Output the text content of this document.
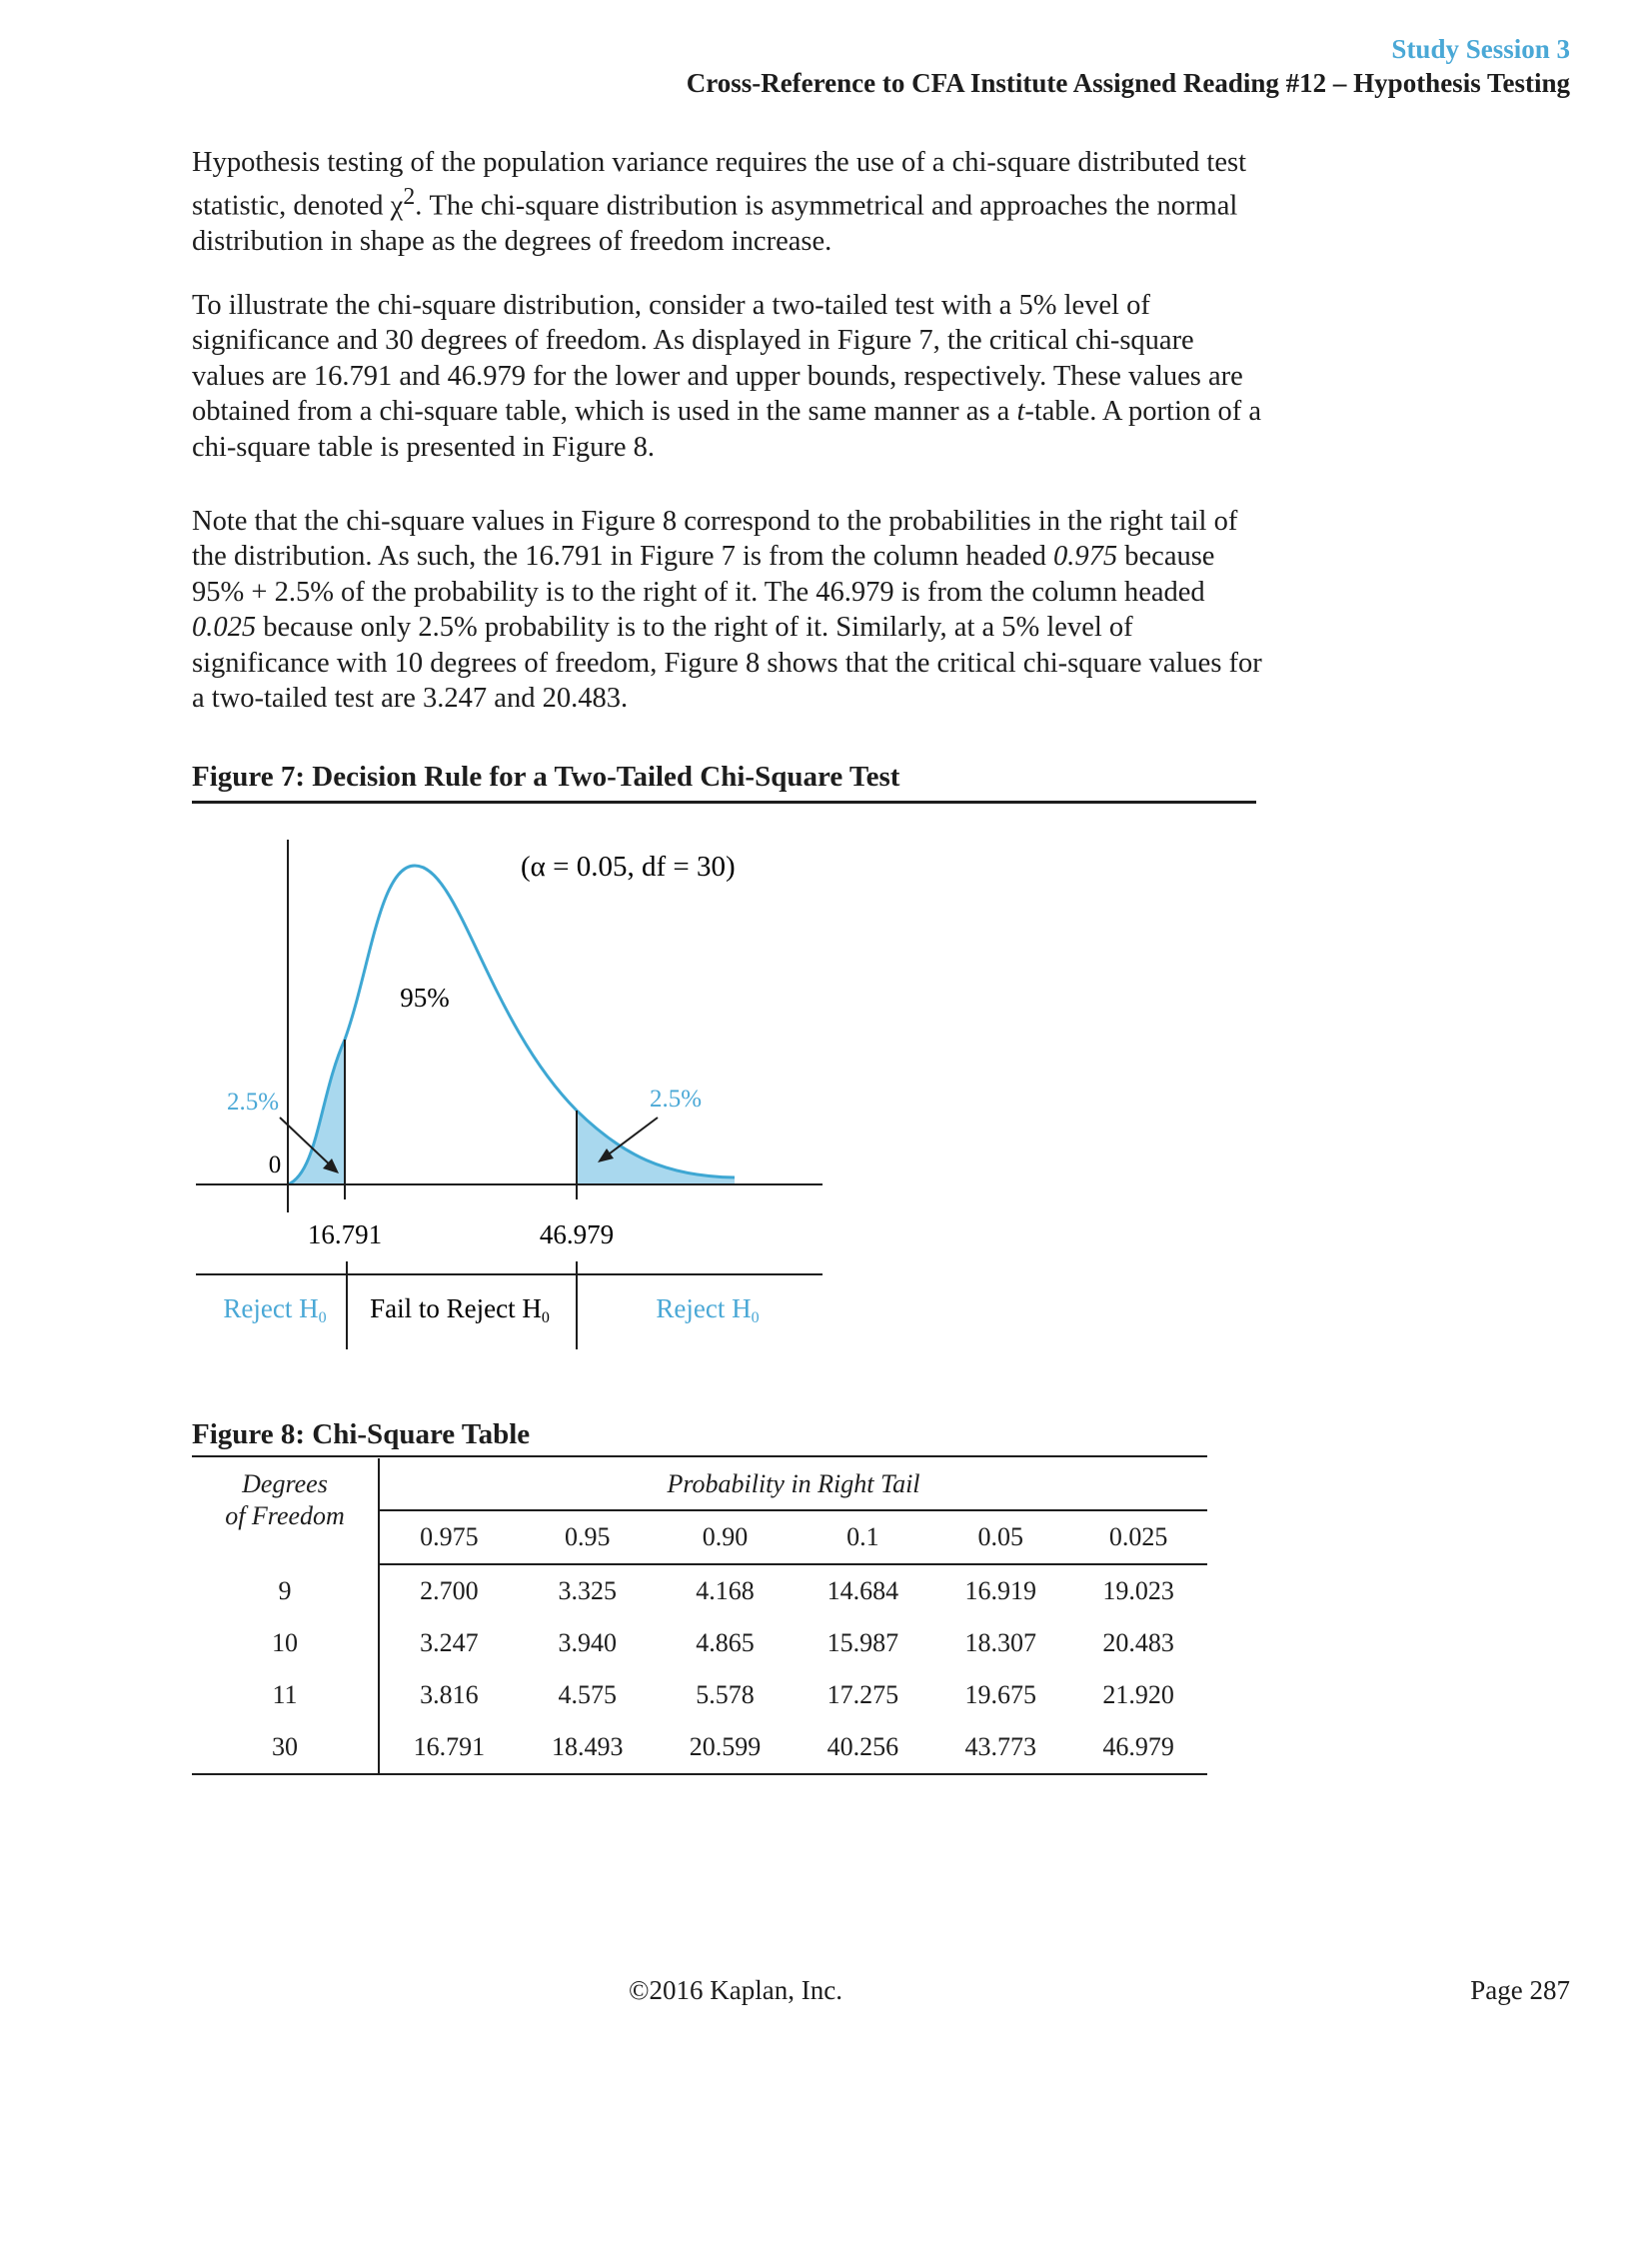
Study Session 3
Cross-Reference to CFA Institute Assigned Reading #12 – Hypothesis Testing

Hypothesis testing of the population variance requires the use of a chi-square distributed test statistic, denoted $\chi^2$. The chi-square distribution is asymmetrical and approaches the normal distribution in shape as the degrees of freedom increase.

To illustrate the chi-square distribution, consider a two-tailed test with a 5% level of significance and 30 degrees of freedom. As displayed in Figure 7, the critical chi-square values are 16.791 and 46.979 for the lower and upper bounds, respectively. These values are obtained from a chi-square table, which is used in the same manner as a t-table. A portion of a chi-square table is presented in Figure 8.

Note that the chi-square values in Figure 8 correspond to the probabilities in the right tail of the distribution. As such, the 16.791 in Figure 7 is from the column headed 0.975 because 95% + 2.5% of the probability is to the right of it. The 46.979 is from the column headed 0.025 because only 2.5% probability is to the right of it. Similarly, at a 5% level of significance with 10 degrees of freedom, Figure 8 shows that the critical chi-square values for a two-tailed test are 3.247 and 20.483.

Figure 7: Decision Rule for a Two-Tailed Chi-Square Test
(α = 0.05, df = 30)
95%
2.5%	2.5%
0
16.791	46.979
Reject H0 Fail to Reject H0	Reject H0
Figure 8: Chi-Square Table
Degrees
of Freedom	Probability in Right Tail					
	0.975	0.95	0.90	0.1	0.05	0.025
9	2.700	3.325	4.168	14.684	16.919	19.023
10	3.247	3.940	4.865	15.987	18.307	20.483
11	3.816	4.575	5.578	17.275	19.675	21.920
30	16.791	18.493	20.599	40.256	43.773	46.979
©2016 Kaplan, Inc.	Page 287
